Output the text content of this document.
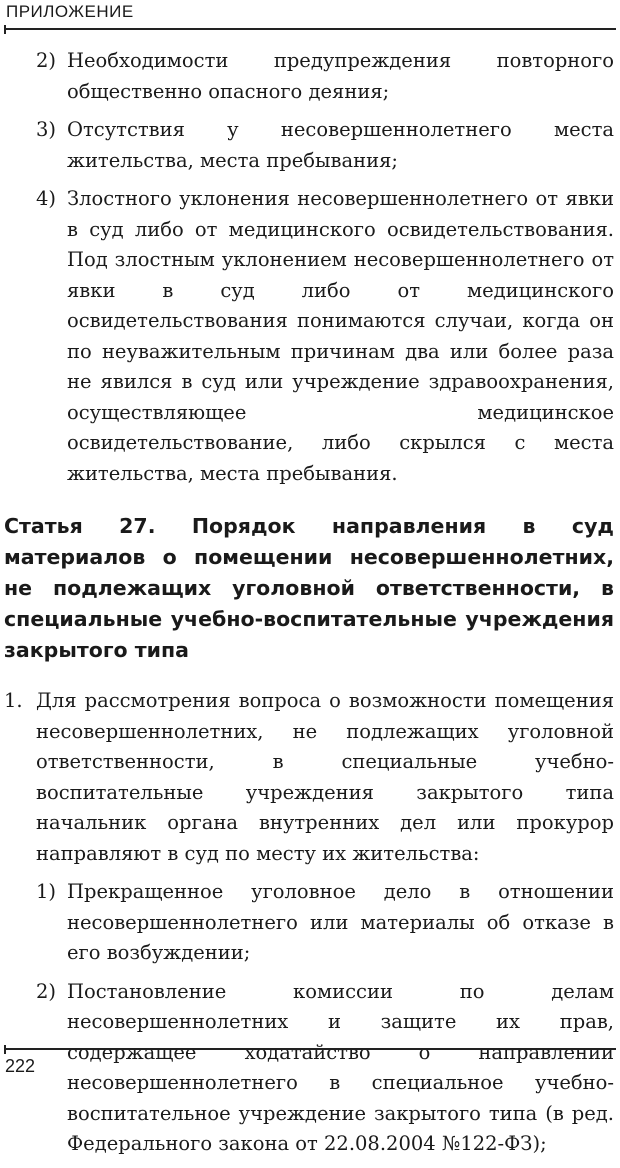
ПРИЛОЖЕНИЕ
2) Необходимости предупреждения повторного общественно опасного деяния;
3) Отсутствия у несовершеннолетнего места жительства, места пребывания;
4) Злостного уклонения несовершеннолетнего от явки в суд либо от медицинского освидетельствования. Под злостным уклонением несовершеннолетнего от явки в суд либо от медицинского освидетельствования понимаются случаи, когда он по неуважительным причинам два или более раза не явился в суд или учреждение здравоохранения, осуществляющее медицинское освидетельствование, либо скрылся с места жительства, места пребывания.
Статья 27. Порядок направления в суд материалов о помещении несовершеннолетних, не подлежащих уголовной ответственности, в специальные учебно-воспитательные учреждения закрытого типа
1. Для рассмотрения вопроса о возможности помещения несовершеннолетних, не подлежащих уголовной ответственности, в специальные учебно-воспитательные учреждения закрытого типа начальник органа внутренних дел или прокурор направляют в суд по месту их жительства:
1) Прекращенное уголовное дело в отношении несовершеннолетнего или материалы об отказе в его возбуждении;
2) Постановление комиссии по делам несовершеннолетних и защите их прав, содержащее ходатайство о направлении несовершеннолетнего в специальное учебно-воспитательное учреждение закрытого типа (в ред. Федерального закона от 22.08.2004 №122-ФЗ);
222
